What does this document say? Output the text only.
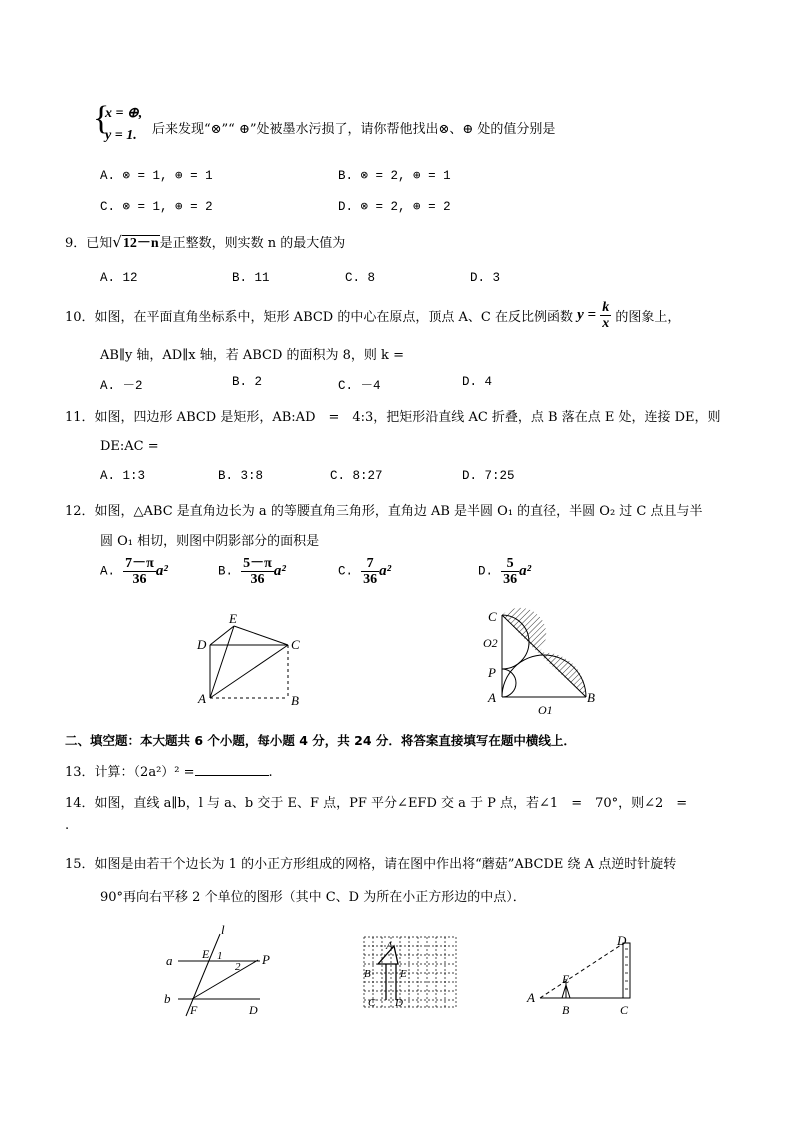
{
x = ⊕,
y = 1. 后来发现“⊗”“ ⊕”处被墨水污损了，请你帮他找出⊗、⊕ 处的值分别是
A. ⊗ = 1, ⊕ = 1	B. ⊗ = 2, ⊕ = 1
C. ⊗ = 1, ⊕ = 2	D. ⊗ = 2, ⊕ = 2
9．已知√12－n是正整数，则实数 n 的最大值为
A. 12	B. 11	C. 8	D. 3
10．如图，在平面直角坐标系中，矩形 ABCD 的中心在原点，顶点 A、C 在反比例函数 $y = \frac{k}{x}$ 的图象上，
AB∥y 轴，AD∥x 轴，若 ABCD 的面积为 8，则 k =
A. －2	B. 2	C. －4	D. 4
11．如图，四边形 ABCD 是矩形，AB:AD　=　4:3，把矩形沿直线 AC 折叠，点 B 落在点 E 处，连接 DE，则
DE:AC =
A. 1:3	B. 3:8	C. 8:27	D. 7:25
12．如图，△ABC 是直角边长为 a 的等腰直角三角形，直角边 AB 是半圆 O₁ 的直径，半圆 O₂ 过 C 点且与半
圆 O₁ 相切，则图中阴影部分的面积是
A. $\frac{7-\pi}{36} a^2$	B. $\frac{5-\pi}{36} a^2$	C. $\frac{7}{36} a^2$	D. $\frac{5}{36} a^2$
E
D	C
A	B
C
O2
P
A
O1
B
二、填空题：本大题共 6 个小题，每小题 4 分，共 24 分．将答案直接填写在题中横线上．
13．计算：（2a²）² =	.
14．如图，直线 a∥b，l 与 a、b 交于 E、F 点，PF 平分∠EFD 交 a 于 P 点，若∠1　=　70°，则∠2　=
.
15．如图是由若干个边长为 1 的小正方形组成的网格，请在图中作出将“蘑菇”ABCDE 绕 A 点逆时针旋转
90°再向右平移 2 个单位的图形（其中 C、D 为所在小正方形边的中点）．
l
a E 1
2 P
b
F	D
A
B	E
C D
D
E
A
B	C
